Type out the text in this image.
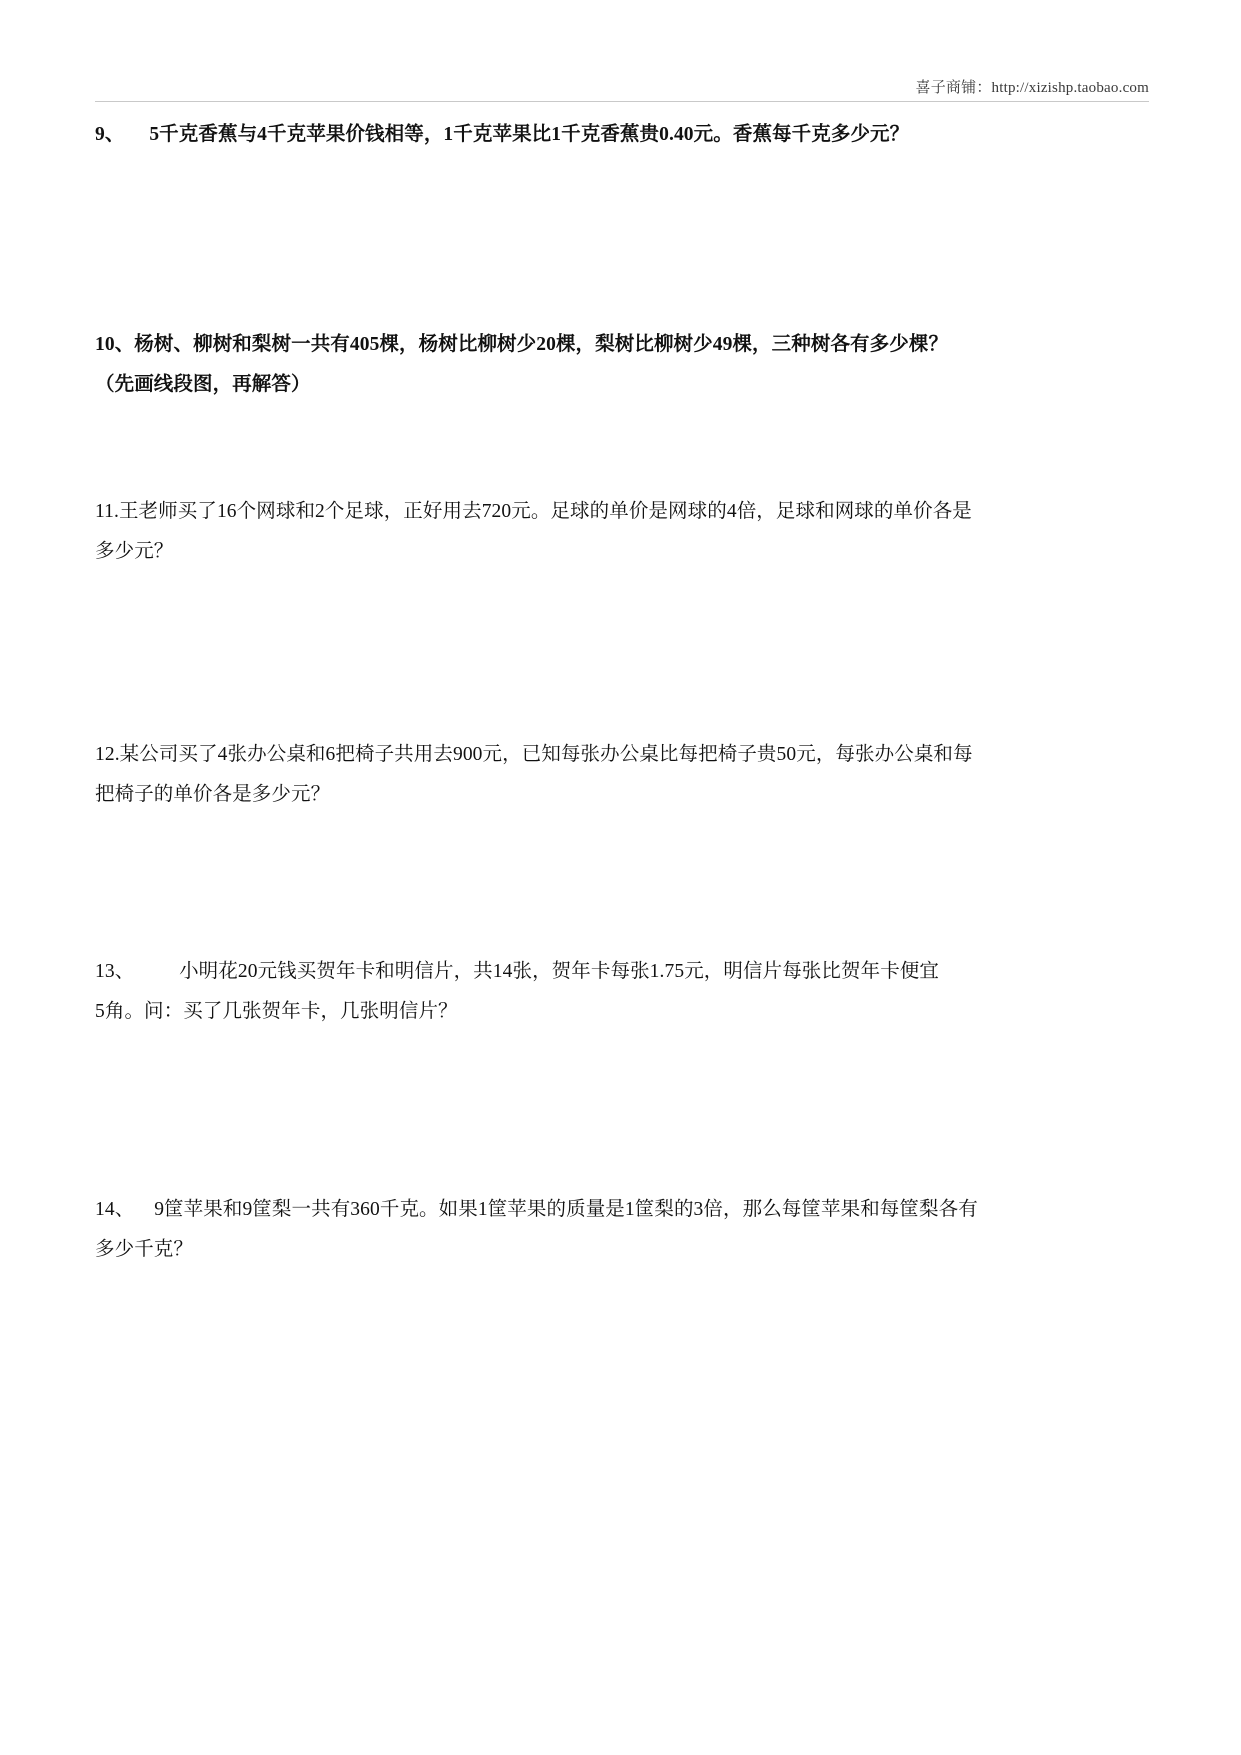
喜子商铺：http://xizishp.taobao.com
9、     5千克香蕉与4千克苹果价钱相等，1千克苹果比1千克香蕉贵0.40元。香蕉每千克多少元？
10、杨树、柳树和梨树一共有405棵，杨树比柳树少20棵，梨树比柳树少49棵，三种树各有多少棵？
（先画线段图，再解答）
11.王老师买了16个网球和2个足球，正好用去720元。足球的单价是网球的4倍，足球和网球的单价各是
多少元？
12.某公司买了4张办公桌和6把椅子共用去900元，已知每张办公桌比每把椅子贵50元，每张办公桌和每
把椅子的单价各是多少元？
13、         小明花20元钱买贺年卡和明信片，共14张，贺年卡每张1.75元，明信片每张比贺年卡便宜
5角。问：买了几张贺年卡，几张明信片？
14、    9筐苹果和9筐梨一共有360千克。如果1筐苹果的质量是1筐梨的3倍，那么每筐苹果和每筐梨各有
多少千克？
